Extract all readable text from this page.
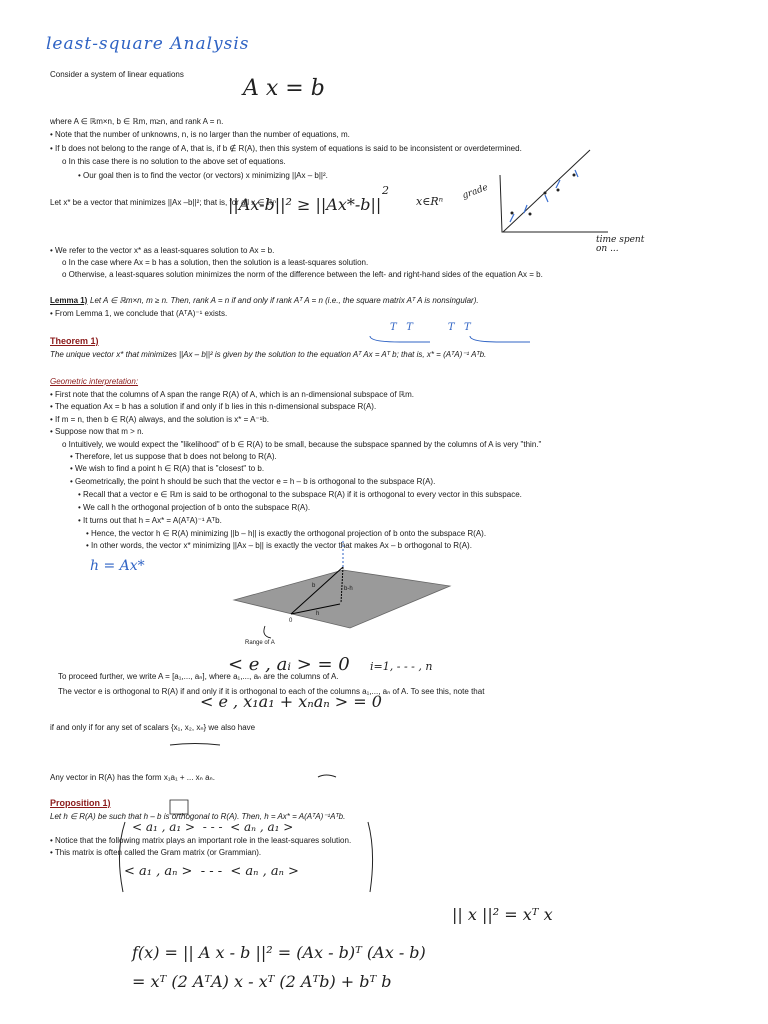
least-square Analysis
A x = b
Consider a system of linear equations
where A ∈ ℝm×n, b ∈ ℝm, m≥n, and rank A = n.
• Note that the number of unknowns, n, is no larger than the number of equations, m.
• If b does not belong to the range of A, that is, if b ∉ R(A), then this system of equations is said to be inconsistent or overdetermined.
o In this case there is no solution to the above set of equations.
• Our goal then is to find the vector (or vectors) x minimizing ||Ax – b||².
Let x* be a vector that minimizes ||Ax –b||²; that is, for all x ∈ ℝⁿ
||Ax-b||² ≥ ||Ax*-b||
2
x∈Rⁿ
grade
time spent on ...
• We refer to the vector x* as a least-squares solution to Ax = b.
o In the case where Ax = b has a solution, then the solution is a least-squares solution.
o Otherwise, a least-squares solution minimizes the norm of the difference between the left- and right-hand sides of the equation Ax = b.
Lemma 1) Let A ∈ ℝm×n, m ≥ n. Then, rank A = n if and only if rank Aᵀ A = n (i.e., the square matrix Aᵀ A is nonsingular).
• From Lemma 1, we conclude that (AᵀA)⁻¹ exists.
T   T           T   T
Theorem 1)
The unique vector x* that minimizes ||Ax – b||² is given by the solution to the equation Aᵀ Ax = Aᵀ b; that is, x* = (AᵀA)⁻¹ Aᵀb.
Geometric interpretation:
• First note that the columns of A span the range R(A) of A, which is an n-dimensional subspace of ℝm.
• The equation Ax = b has a solution if and only if b lies in this n-dimensional subspace R(A).
• If m = n, then b ∈ R(A) always, and the solution is x* = A⁻¹b.
• Suppose now that m > n.
o Intuitively, we would expect the "likelihood" of b ∈ R(A) to be small, because the subspace spanned by the columns of A is very "thin."
• Therefore, let us suppose that b does not belong to R(A).
• We wish to find a point h ∈ R(A) that is "closest" to b.
• Geometrically, the point h should be such that the vector e = h – b is orthogonal to the subspace R(A).
• Recall that a vector e ∈ ℝm is said to be orthogonal to the subspace R(A) if it is orthogonal to every vector in this subspace.
• We call h the orthogonal projection of b onto the subspace R(A).
• It turns out that h = Ax* = A(AᵀA)⁻¹ Aᵀb.
• Hence, the vector h ∈ R(A) minimizing ||b – h|| is exactly the orthogonal projection of b onto the subspace R(A).
• In other words, the vector x* minimizing ||Ax – b|| is exactly the vector that makes Ax – b orthogonal to R(A).
h = Ax*
b	b-h
h
0
Range of A
< e , aᵢ > = 0 i=1, - - - , n
To proceed further, we write A = [a₁,..., aₙ], where a₁,..., aₙ are the columns of A.
The vector e is orthogonal to R(A) if and only if it is orthogonal to each of the columns a₁,..., aₙ of A. To see this, note that
< e , x₁a₁ + xₙaₙ > = 0
if and only if for any set of scalars {x₁, x₂, xₙ} we also have
Any vector in R(A) has the form x₁a₁ + ... xₙ aₙ.
Proposition 1)
Let h ∈ R(A) be such that h – b is orthogonal to R(A). Then, h = Ax* = A(AᵀA)⁻¹Aᵀb.
• Notice that the following matrix plays an important role in the least-squares solution.
• This matrix is often called the Gram matrix (or Grammian).
< a₁ , a₁ >  - - -  < aₙ , a₁ >
< a₁ , aₙ >  - - -  < aₙ , aₙ >
|| x ||² = xᵀ x
f(x) = || A x - b ||² = (Ax - b)ᵀ (Ax - b)
= xᵀ (2 AᵀA) x - xᵀ (2 Aᵀb) + bᵀ b
